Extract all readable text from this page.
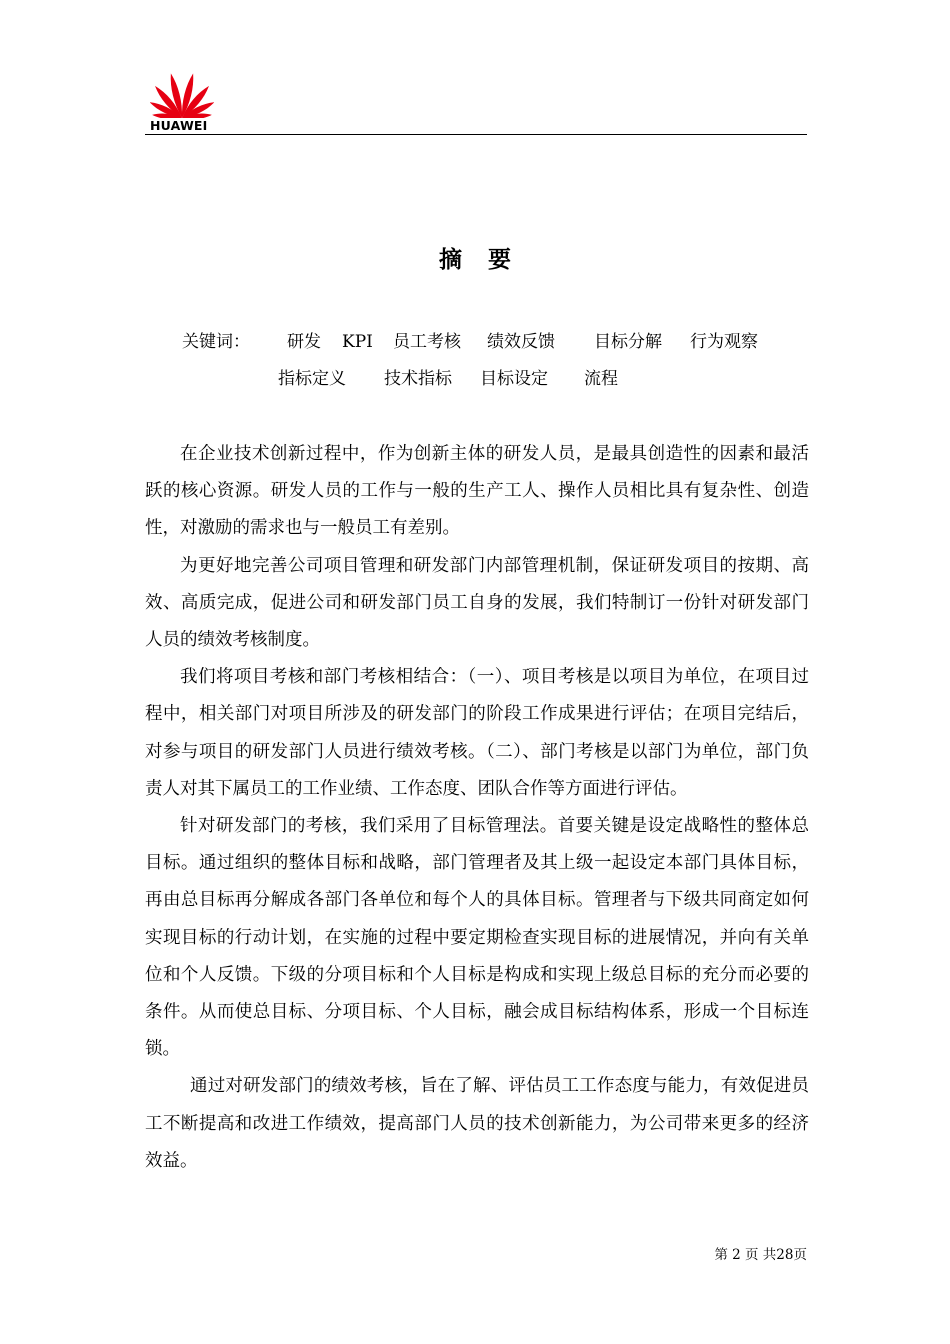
HUAWEI
摘要
关键词： 研发 KPI 员工考核 绩效反馈 目标分解 行为观察
指标定义 技术指标 目标设定 流程

在企业技术创新过程中，作为创新主体的研发人员，是最具创造性的因素和最活跃的核心资源。研发人员的工作与一般的生产工人、操作人员相比具有复杂性、创造性，对激励的需求也与一般员工有差别。

为更好地完善公司项目管理和研发部门内部管理机制，保证研发项目的按期、高效、高质完成，促进公司和研发部门员工自身的发展，我们特制订一份针对研发部门人员的绩效考核制度。

我们将项目考核和部门考核相结合：（一）、项目考核是以项目为单位，在项目过程中，相关部门对项目所涉及的研发部门的阶段工作成果进行评估；在项目完结后，对参与项目的研发部门人员进行绩效考核。（二）、部门考核是以部门为单位，部门负责人对其下属员工的工作业绩、工作态度、团队合作等方面进行评估。

针对研发部门的考核，我们采用了目标管理法。首要关键是设定战略性的整体总目标。通过组织的整体目标和战略，部门管理者及其上级一起设定本部门具体目标，再由总目标再分解成各部门各单位和每个人的具体目标。管理者与下级共同商定如何实现目标的行动计划，在实施的过程中要定期检查实现目标的进展情况，并向有关单位和个人反馈。下级的分项目标和个人目标是构成和实现上级总目标的充分而必要的条件。从而使总目标、分项目标、个人目标，融会成目标结构体系，形成一个目标连锁。

通过对研发部门的绩效考核，旨在了解、评估员工工作态度与能力，有效促进员工不断提高和改进工作绩效，提高部门人员的技术创新能力，为公司带来更多的经济效益。

第 2 页 共28页
